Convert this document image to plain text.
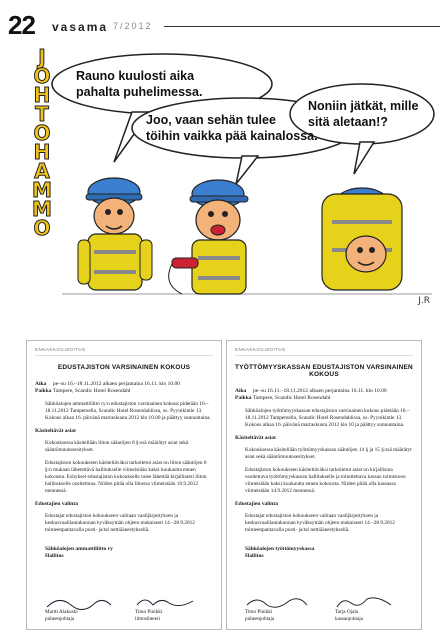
22 vasama 7/2012
Rauno kuulosti aika
pahalta puhelimessa.
Joo, vaan sehän tulee
töihin vaikka pää kainalossa.
Noniin jätkät, mille
sitä aletaan!?
J
O
H
T
O
H
A
M
M
O
J.R
ENNAKKOILMOITUS
EDUSTAJISTON VARSINAINEN KOKOUS
Aika	pe–su 16.–18.11.2012 alkaen perjantaina 16.11. klo 10.00
Paikka Tampere, Scandic Hotel Rosendahl

Sähköalojen ammattiliitto ry:n edustajiston varsinainen kokous pidetään 16.–18.11.2012 Tampereella, Scandic Hotel Rosendahlissa, os. Pyynikintie 13. Kokous alkaa 16. päivänä marraskuuta 2012 klo 10.00 ja päättyy sunnuntaina.

Käsiteltävät asiat

Kokouksessa käsitellään liiton sääntöjen 8 §:ssä määrätyt asiat sekä sääntömuutosesitykset.

Edustajiston kokoukseen käsiteltäväksi tarkoitetut asiat on liiton sääntöjen 8 §:n mukaan lähetettävä hallitukselle viimeistään kaksi kuukautta ennen kokousta. Esitykset edustajiston kokoukselle tulee lähettää kirjallisesti liiton hallitukselle osoitettuna. Niiden pitää olla liitossa viimeistään 16.9.2012 mennessä.

Edustajien valinta

Edustajat edustajiston kokoukseen valitaan vaalijärjestyksen ja keskusvaalilautakunnan hyväksymän ohjeen mukaisesti 14.–28.9.2012 toimeenpantavalla posti- ja/tai nettiäänestyksellä.

Sähköalojen ammattiliitto ry
Hallitus
Martti Alakoski
puheenjohtaja
Timo Pinikki
liittosihteeri
ENNAKKOILMOITUS
TYÖTTÖMYYSKASSAN EDUSTAJISTON VARSINAINEN KOKOUS
Aika	pe–su 16.11.–18.11.2012 alkaen perjantaina 16.11. klo 10.00
Paikka Tampere, Scandic Hotel Rosendahl

Sähköalojen työttömyyskassan edustajiston varsinainen kokous pidetään 16.–18.11.2012 Tampereella, Scandic Hotel Rosendahlissa, os. Pyynikintie 13. Kokous alkaa 16. päivänä marraskuuta 2012 klo 10 ja päättyy sunnuntaina.

Käsiteltävät asiat

Kokouksessa käsitellään työttömyyskassan sääntöjen 14 § ja 15 §:ssä määrätyt asiat sekä sääntömuutosesitykset.

Edustajiston kokoukseen käsiteltäväksi tarkoitetut asiat on kirjallisina osoitettava työttömyyskassan hallitukselle ja toimitettava kassan toimistoon viimeistään kaksi kuukautta ennen kokousta. Niiden pitää olla kassassa viimeistään 14.9.2012 mennessä.

Edustajien valinta

Edustajat edustajiston kokoukseen valitaan vaalijärjestyksen ja keskusvaalilautakunnan hyväksymän ohjeen mukaisesti 14.–28.9.2012 toimeenpantavalla posti- ja/tai nettiäänestyksellä.

Sähköalojen työttömyyskassa
Hallitus
Timo Pinikki
puheenjohtaja
Tarja Ojala
kassanjohtaja
